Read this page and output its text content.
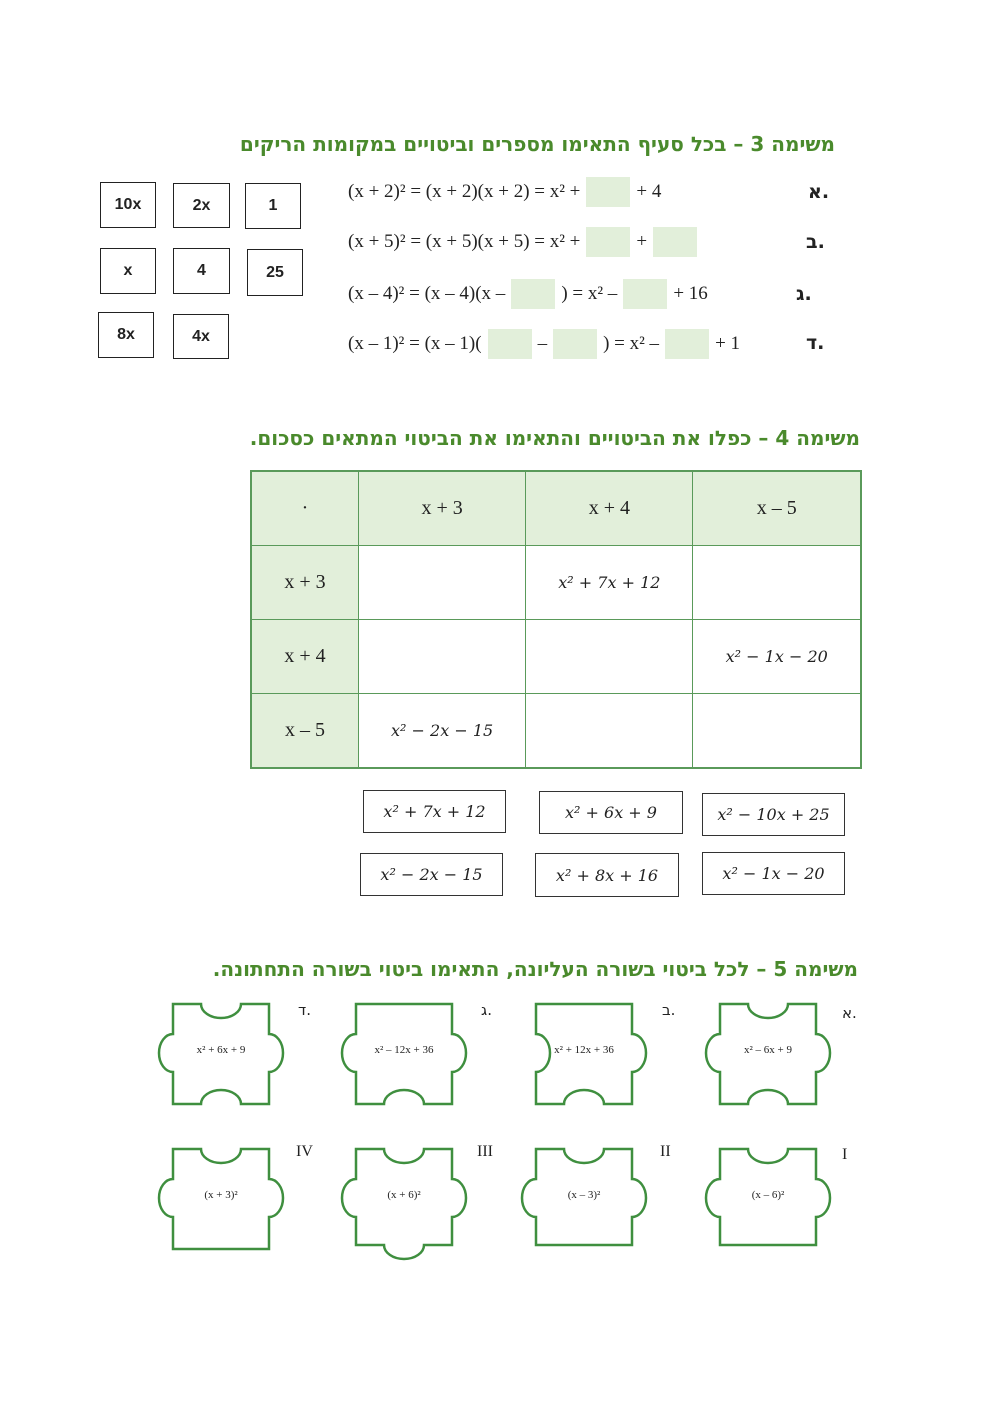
משימה 3 – בכל סעיף התאימו מספרים וביטויים במקומות הריקים
10x	2x	1
x	4	25
8x	4x
א.
(x + 2)² = (x + 2)(x + 2) = x² +	+ 4
ב.
(x + 5)² = (x + 5)(x + 5) = x² +	+
ג.
(x – 4)² = (x – 4)(x –	) = x² –	+ 16
ד.
(x – 1)² = (x – 1)(	–	) = x² –	+ 1
משימה 4 – כפלו את הביטויים והתאימו את הביטוי המתאים כסכום.
·	x + 3	x + 4	x – 5
x + 3		x² + 7x + 12	
x + 4			x² − 1x − 20
x – 5	x² − 2x − 15		
x² + 7x + 12	x² + 6x + 9	x² − 10x + 25
x² − 2x − 15	x² + 8x + 16	x² − 1x − 20
משימה 5 – לכל ביטוי בשורה העליונה, התאימו ביטוי בשורה התחתונה.
ד.	ג.	ב.	א.
x² + 6x + 9	x² – 12x + 36	x² + 12x + 36	x² – 6x + 9
IV	III	II	I
(x + 3)²	(x + 6)²	(x – 3)²	(x – 6)²
